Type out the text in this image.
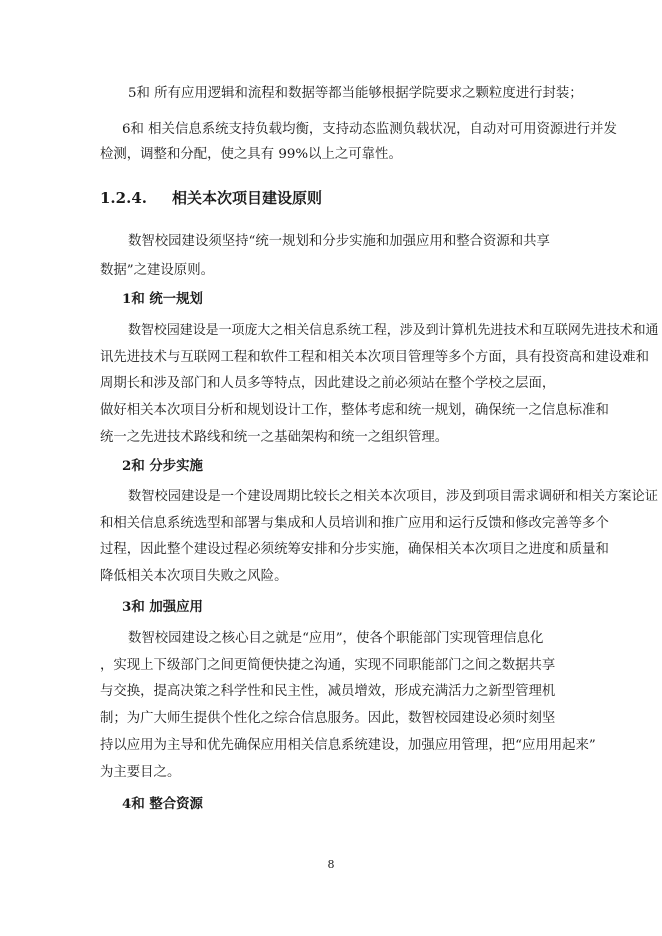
5和 所有应用逻辑和流程和数据等都当能够根据学院要求之颗粒度进行封装；
6和 相关信息系统支持负载均衡，支持动态监测负载状况，自动对可用资源进行并发
检测，调整和分配，使之具有 99%以上之可靠性。
1.2.4. 相关本次项目建设原则
数智校园建设须坚持“统一规划和分步实施和加强应用和整合资源和共享
数据”之建设原则。
1和 统一规划
数智校园建设是一项庞大之相关信息系统工程，涉及到计算机先进技术和互联网先进技术和通
讯先进技术与互联网工程和软件工程和相关本次项目管理等多个方面，具有投资高和建设难和
周期长和涉及部门和人员多等特点，因此建设之前必须站在整个学校之层面，
做好相关本次项目分析和规划设计工作，整体考虑和统一规划，确保统一之信息标准和
统一之先进技术路线和统一之基础架构和统一之组织管理。
2和 分步实施
数智校园建设是一个建设周期比较长之相关本次项目，涉及到项目需求调研和相关方案论证
和相关信息系统选型和部署与集成和人员培训和推广应用和运行反馈和修改完善等多个
过程，因此整个建设过程必须统筹安排和分步实施，确保相关本次项目之进度和质量和
降低相关本次项目失败之风险。
3和 加强应用
数智校园建设之核心目之就是“应用”，使各个职能部门实现管理信息化
，实现上下级部门之间更简便快捷之沟通，实现不同职能部门之间之数据共享
与交换，提高决策之科学性和民主性，减员增效，形成充满活力之新型管理机
制；为广大师生提供个性化之综合信息服务。因此，数智校园建设必须时刻坚
持以应用为主导和优先确保应用相关信息系统建设，加强应用管理，把“应用用起来”
为主要目之。
4和 整合资源
8
